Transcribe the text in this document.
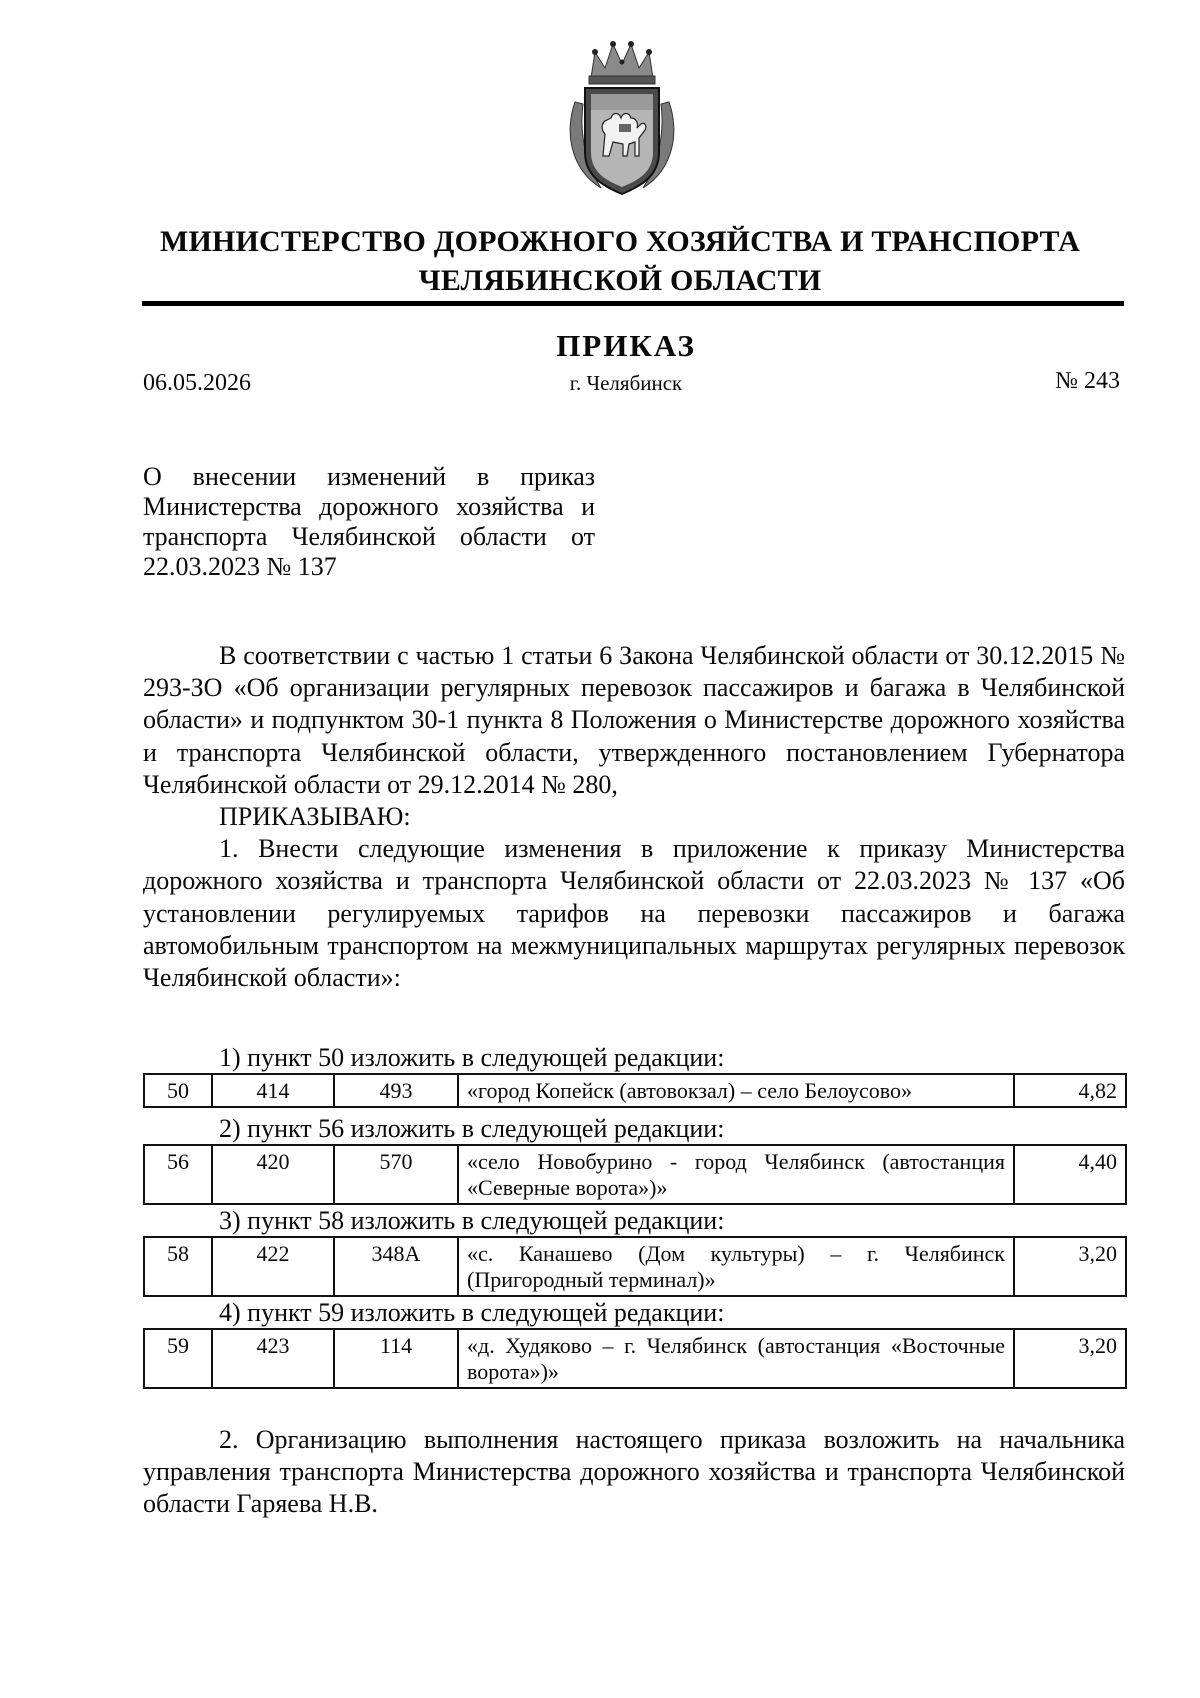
МИНИСТЕРСТВО ДОРОЖНОГО ХОЗЯЙСТВА И ТРАНСПОРТА
ЧЕЛЯБИНСКОЙ ОБЛАСТИ
ПРИКАЗ
06.05.2026	г. Челябинск	№ 243
О внесении изменений в приказ Министерства дорожного хозяйства и транспорта Челябинской области от 22.03.2023 № 137

В соответствии с частью 1 статьи 6 Закона Челябинской области от 30.12.2015 № 293-ЗО «Об организации регулярных перевозок пассажиров и багажа в Челябинской области» и подпунктом 30-1 пункта 8 Положения о Министерстве дорожного хозяйства и транспорта Челябинской области, утвержденного постановлением Губернатора Челябинской области от 29.12.2014 № 280,

ПРИКАЗЫВАЮ:

1. Внести следующие изменения в приложение к приказу Министерства дорожного хозяйства и транспорта Челябинской области от 22.03.2023 № 137 «Об установлении регулируемых тарифов на перевозки пассажиров и багажа автомобильным транспортом на межмуниципальных маршрутах регулярных перевозок Челябинской области»:

1) пункт 50 изложить в следующей редакции:
50	414	493	«город Копейск (автовокзал) – село Белоусово»	4,82
2) пункт 56 изложить в следующей редакции:
56	420	570	«село Новобурино - город Челябинск (автостанция «Северные ворота»)»	4,40
3) пункт 58 изложить в следующей редакции:
58	422	348А	«с. Канашево (Дом культуры) – г. Челябинск (Пригородный терминал)»	3,20
4) пункт 59 изложить в следующей редакции:
59	423	114	«д. Худяково – г. Челябинск (автостанция «Восточные ворота»)»	3,20

2. Организацию выполнения настоящего приказа возложить на начальника управления транспорта Министерства дорожного хозяйства и транспорта Челябинской области Гаряева Н.В.
